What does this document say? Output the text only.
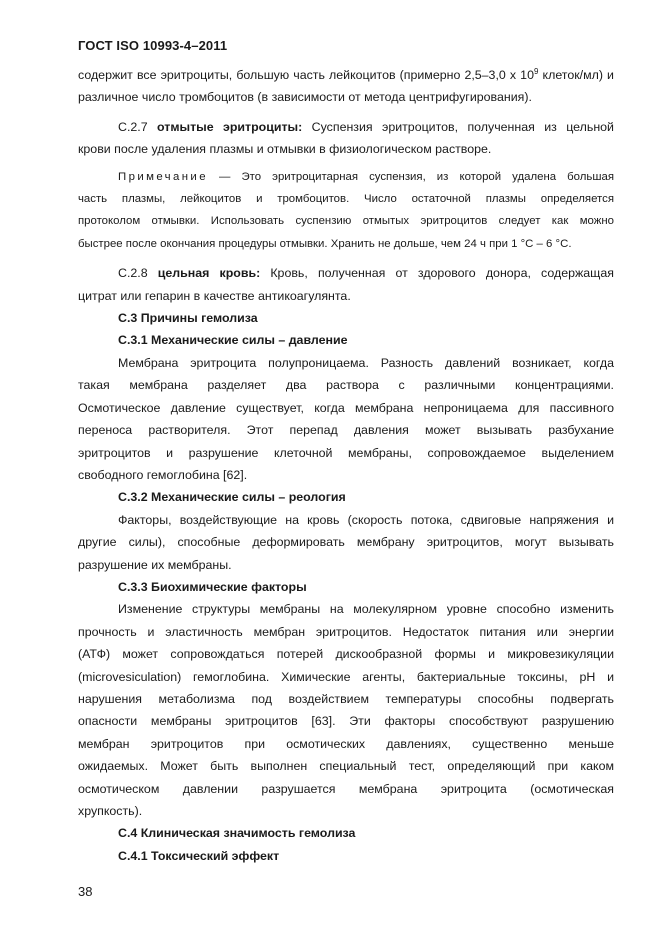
ГОСТ ISO 10993-4–2011

содержит все эритроциты, большую часть лейкоцитов (примерно 2,5–3,0 х $10^9$ клеток/мл) и

различное число тромбоцитов (в зависимости от метода центрифугирования).

С.2.7 отмытые эритроциты: Суспензия эритроцитов, полученная из цельной

крови после удаления плазмы и отмывки в физиологическом растворе.

Примечание — Это эритроцитарная суспензия, из которой удалена большая

часть плазмы, лейкоцитов и тромбоцитов. Число остаточной плазмы определяется

протоколом отмывки. Использовать суспензию отмытых эритроцитов следует как можно

быстрее после окончания процедуры отмывки. Хранить не дольше, чем 24 ч при 1 °С – 6 °С.

С.2.8 цельная кровь: Кровь, полученная от здорового донора, содержащая

цитрат или гепарин в качестве антикоагулянта.

С.3 Причины гемолиза

С.3.1 Механические силы – давление

Мембрана эритроцита полупроницаема. Разность давлений возникает, когда

такая мембрана разделяет два раствора с различными концентрациями.

Осмотическое давление существует, когда мембрана непроницаема для пассивного

переноса растворителя. Этот перепад давления может вызывать разбухание

эритроцитов и разрушение клеточной мембраны, сопровождаемое выделением

свободного гемоглобина [62].

С.3.2 Механические силы – реология

Факторы, воздействующие на кровь (скорость потока, сдвиговые напряжения и

другие силы), способные деформировать мембрану эритроцитов, могут вызывать

разрушение их мембраны.

С.3.3 Биохимические факторы

Изменение структуры мембраны на молекулярном уровне способно изменить

прочность и эластичность мембран эритроцитов. Недостаток питания или энергии

(АТФ) может сопровождаться потерей дискообразной формы и микровезикуляции

(microvesiculation) гемоглобина. Химические агенты, бактериальные токсины, pH и

нарушения метаболизма под воздействием температуры способны подвергать

опасности мембраны эритроцитов [63]. Эти факторы способствуют разрушению

мембран эритроцитов при осмотических давлениях, существенно меньше

ожидаемых. Может быть выполнен специальный тест, определяющий при каком

осмотическом давлении разрушается мембрана эритроцита (осмотическая

хрупкость).

С.4 Клиническая значимость гемолиза

С.4.1 Токсический эффект

38
